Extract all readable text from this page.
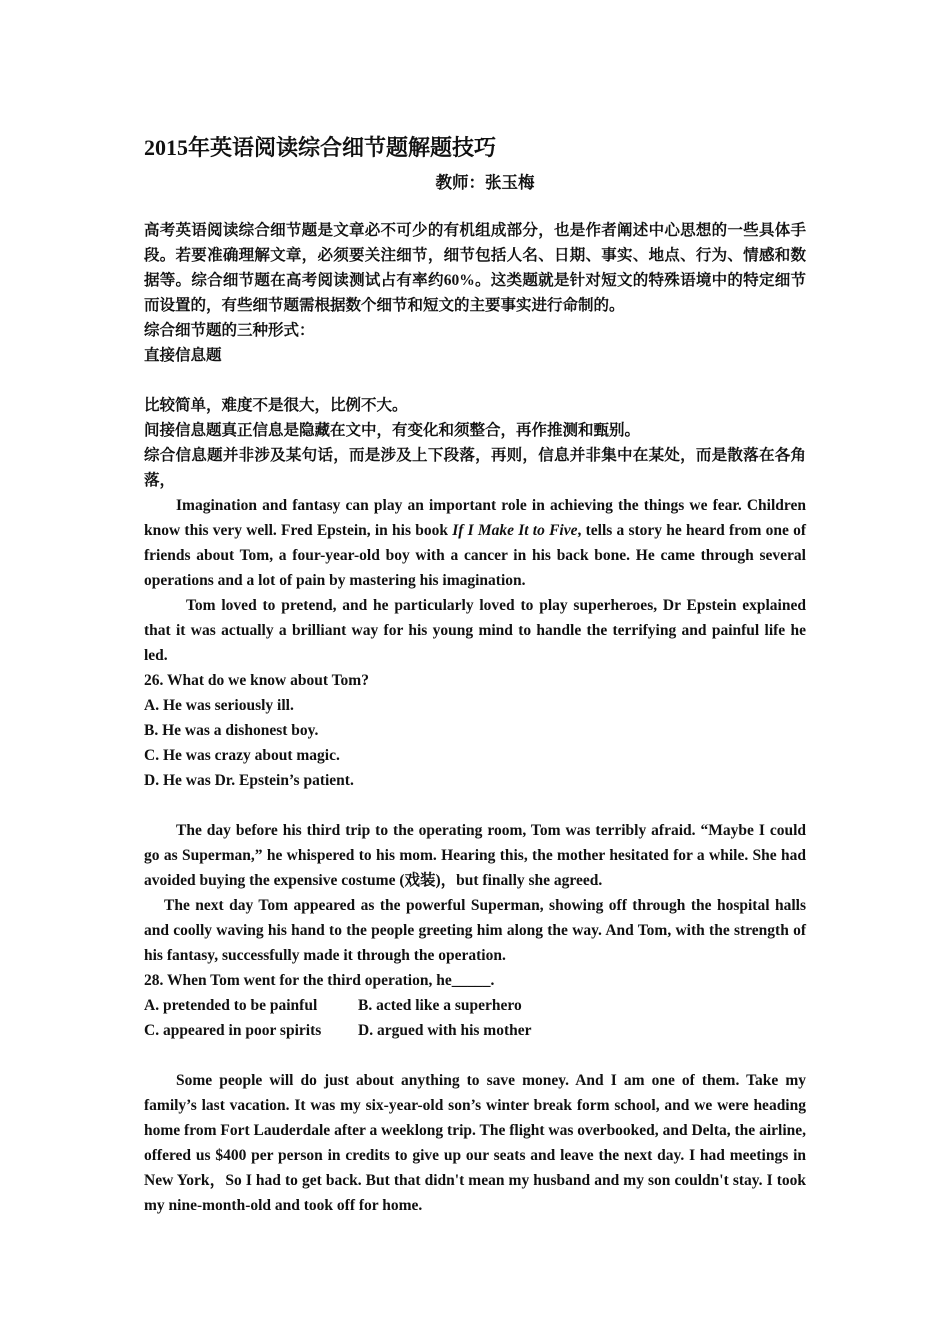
2015年英语阅读综合细节题解题技巧

教师：张玉梅

高考英语阅读综合细节题是文章必不可少的有机组成部分，也是作者阐述中心思想的一些具体手段。若要准确理解文章，必须要关注细节，细节包括人名、日期、事实、地点、行为、情感和数据等。综合细节题在高考阅读测试占有率约60%。这类题就是针对短文的特殊语境中的特定细节而设置的，有些细节题需根据数个细节和短文的主要事实进行命制的。

综合细节题的三种形式：

直接信息题

比较简单，难度不是很大，比例不大。

间接信息题真正信息是隐藏在文中，有变化和须整合，再作推测和甄别。

综合信息题并非涉及某句话，而是涉及上下段落，再则，信息并非集中在某处，而是散落在各角落，

Imagination and fantasy can play an important role in achieving the things we fear. Children know this very well. Fred Epstein, in his book If I Make It to Five, tells a story he heard from one of friends about Tom, a four-year-old boy with a cancer in his back bone. He came through several operations and a lot of pain by mastering his imagination.

Tom loved to pretend, and he particularly loved to play superheroes, Dr Epstein explained that it was actually a brilliant way for his young mind to handle the terrifying and painful life he led.

26. What do we know about Tom?

A. He was seriously ill.

B. He was a dishonest boy.

C. He was crazy about magic.

D. He was Dr. Epstein’s patient.

The day before his third trip to the operating room, Tom was terribly afraid. “Maybe I could go as Superman,” he whispered to his mom. Hearing this, the mother hesitated for a while. She had avoided buying the expensive costume (戏装)，but finally she agreed.

The next day Tom appeared as the powerful Superman, showing off through the hospital halls and coolly waving his hand to the people greeting him along the way. And Tom, with the strength of his fantasy, successfully made it through the operation.

28. When Tom went for the third operation, he_____.

A. pretended to be painful	B. acted like a superhero
C. appeared in poor spirits	D. argued with his mother

Some people will do just about anything to save money. And I am one of them. Take my family’s last vacation. It was my six-year-old son’s winter break form school, and we were heading home from Fort Lauderdale after a weeklong trip. The flight was overbooked, and Delta, the airline, offered us $400 per person in credits to give up our seats and leave the next day. I had meetings in New York，So I had to get back. But that didn't mean my husband and my son couldn't stay. I took my nine-month-old and took off for home.
